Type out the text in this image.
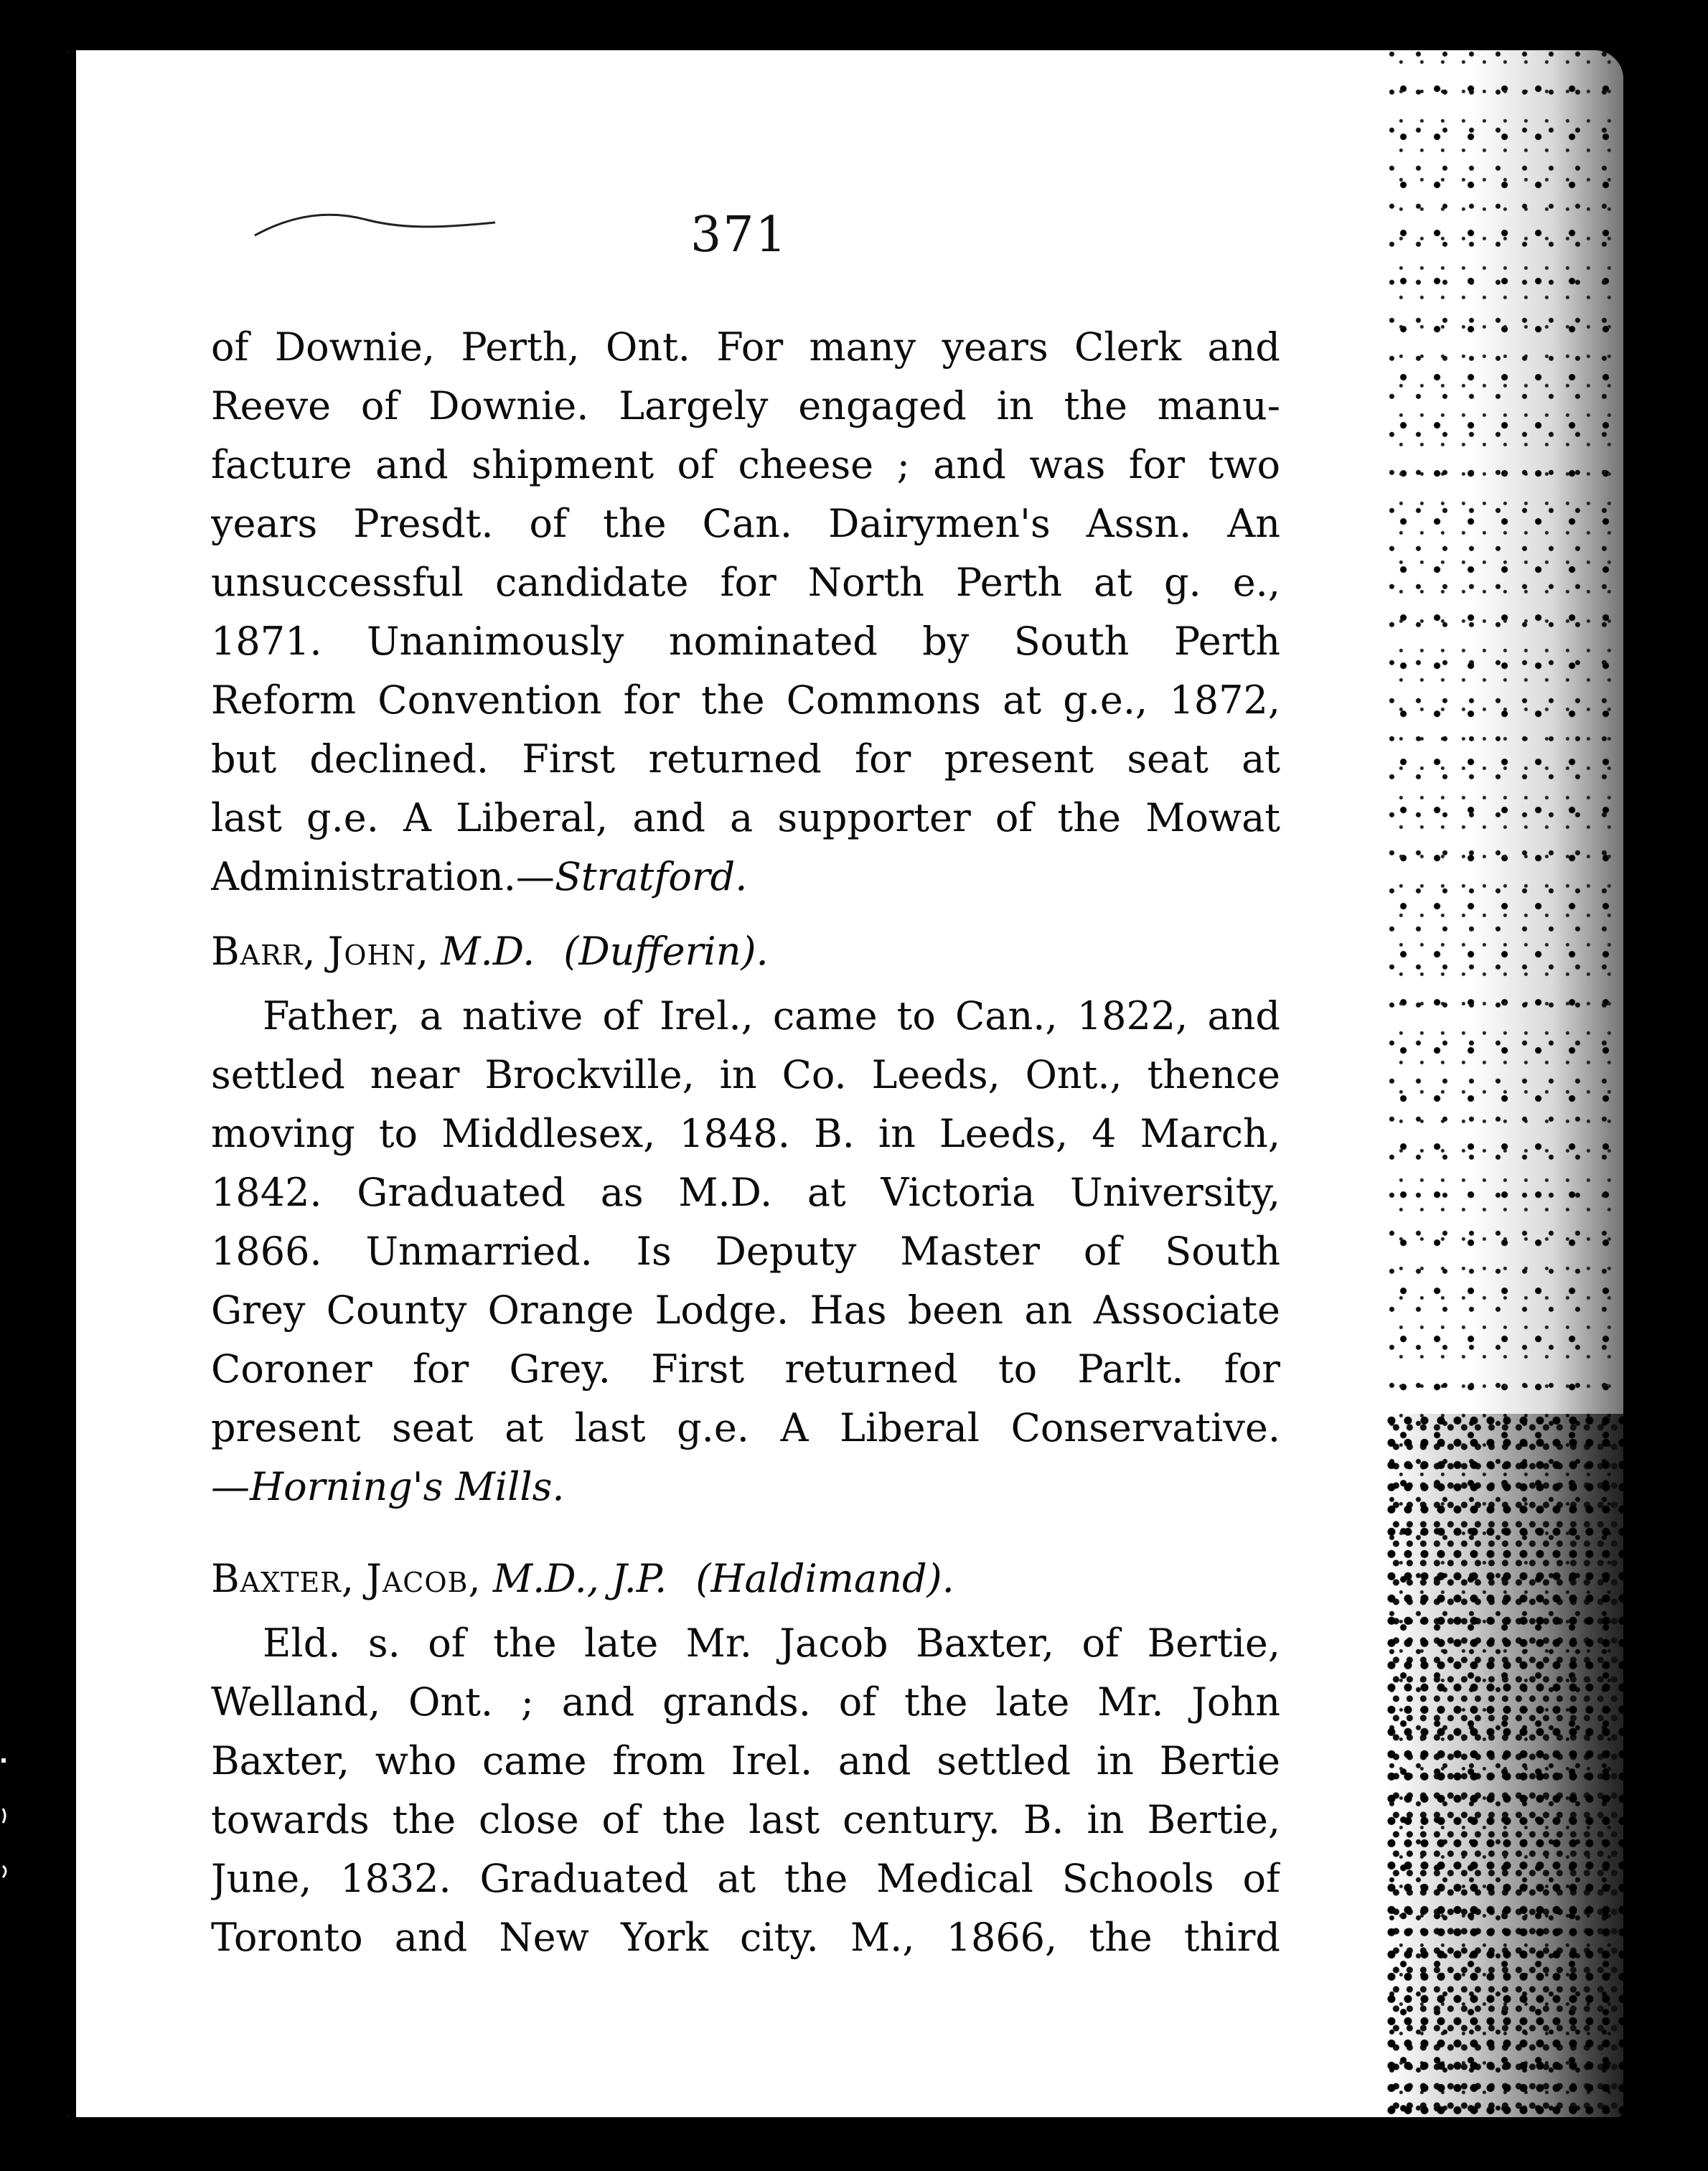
371
of Downie, Perth, Ont. For many years Clerk and
Reeve of Downie. Largely engaged in the manu-
facture and shipment of cheese ; and was for two
years Presdt. of the Can. Dairymen's Assn. An
unsuccessful candidate for North Perth at g. e.,
1871. Unanimously nominated by South Perth
Reform Convention for the Commons at g.e., 1872,
but declined. First returned for present seat at
last g.e. A Liberal, and a supporter of the Mowat
Administration.—Stratford.
Barr, John, M.D. (Dufferin).
Father, a native of Irel., came to Can., 1822, and
settled near Brockville, in Co. Leeds, Ont., thence
moving to Middlesex, 1848. B. in Leeds, 4 March,
1842. Graduated as M.D. at Victoria University,
1866. Unmarried. Is Deputy Master of South
Grey County Orange Lodge. Has been an Associate
Coroner for Grey. First returned to Parlt. for
present seat at last g.e. A Liberal Conservative.
—Horning's Mills.
Baxter, Jacob, M.D., J.P. (Haldimand).
Eld. s. of the late Mr. Jacob Baxter, of Bertie,
Welland, Ont. ; and grands. of the late Mr. John
Baxter, who came from Irel. and settled in Bertie
towards the close of the last century. B. in Bertie,
June, 1832. Graduated at the Medical Schools of
Toronto and New York city. M., 1866, the third
